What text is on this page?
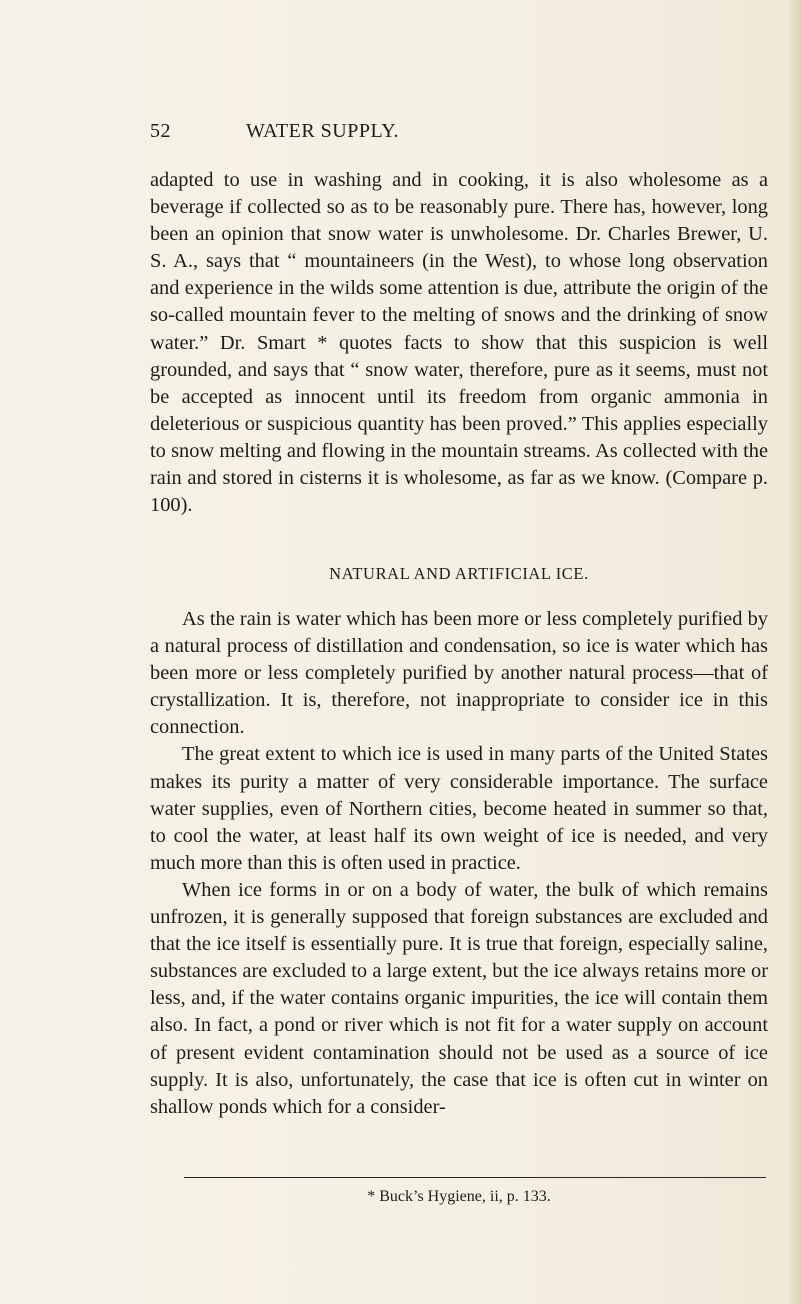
52	WATER SUPPLY.

adapted to use in washing and in cooking, it is also wholesome as a beverage if collected so as to be reasonably pure. There has, however, long been an opinion that snow water is unwholesome. Dr. Charles Brewer, U. S. A., says that “ mountaineers (in the West), to whose long observation and experience in the wilds some attention is due, attribute the origin of the so-called mountain fever to the melting of snows and the drinking of snow water.” Dr. Smart * quotes facts to show that this suspicion is well grounded, and says that “ snow water, therefore, pure as it seems, must not be accepted as innocent until its freedom from organic ammonia in deleterious or suspicious quantity has been proved.” This applies especially to snow melting and flowing in the mountain streams. As collected with the rain and stored in cisterns it is wholesome, as far as we know. (Compare p. 100).

NATURAL AND ARTIFICIAL ICE.

As the rain is water which has been more or less completely purified by a natural process of distillation and condensation, so ice is water which has been more or less completely purified by another natural process—that of crystallization. It is, therefore, not inappropriate to consider ice in this connection.

The great extent to which ice is used in many parts of the United States makes its purity a matter of very considerable importance. The surface water supplies, even of Northern cities, become heated in summer so that, to cool the water, at least half its own weight of ice is needed, and very much more than this is often used in practice.

When ice forms in or on a body of water, the bulk of which remains unfrozen, it is generally supposed that foreign substances are excluded and that the ice itself is essentially pure. It is true that foreign, especially saline, substances are excluded to a large extent, but the ice always retains more or less, and, if the water contains organic impurities, the ice will contain them also. In fact, a pond or river which is not fit for a water supply on account of present evident contamination should not be used as a source of ice supply. It is also, unfortunately, the case that ice is often cut in winter on shallow ponds which for a consider-

* Buck’s Hygiene, ii, p. 133.
